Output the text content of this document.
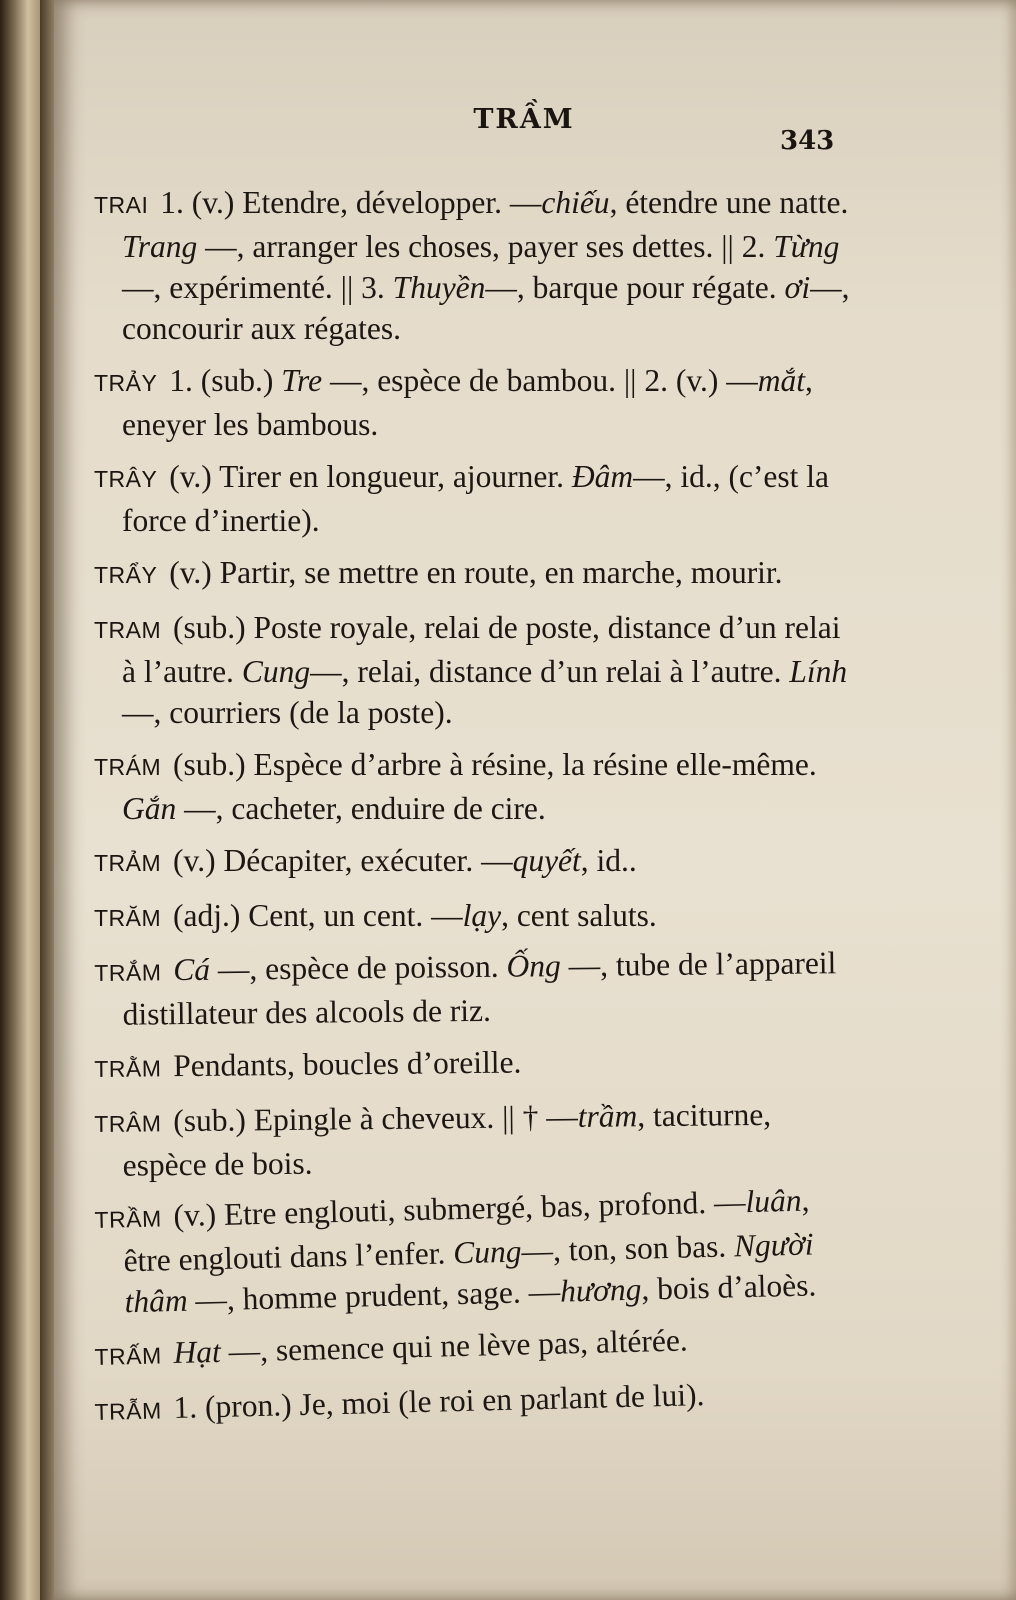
TRẦM
343
TRAI 1. (v.) Etendre, développer. —chiếu, étendre une natte. Trang —, arranger les choses, payer ses dettes. || 2. Từng —, expérimenté. || 3. Thuyền—, barque pour régate. ơi—, concourir aux régates.
TRẢY 1. (sub.) Tre —, espèce de bambou. || 2. (v.) —mắt, eneyer les bambous.
TRÂY (v.) Tirer en longueur, ajourner. Đâm—, id., (c’est la force d’inertie).
TRẨY (v.) Partir, se mettre en route, en marche, mourir.
TRAM (sub.) Poste royale, relai de poste, distance d’un relai à l’autre. Cung—, relai, distance d’un relai à l’autre. Lính —, courriers (de la poste).
TRÁM (sub.) Espèce d’arbre à résine, la résine elle-même. Gắn —, cacheter, enduire de cire.
TRẢM (v.) Décapiter, exécuter. —quyết, id..
TRĂM (adj.) Cent, un cent. —lạy, cent saluts.
TRẮM Cá —, espèce de poisson. Ống —, tube de l’appareil distillateur des alcools de riz.
TRẰM Pendants, boucles d’oreille.
TRÂM (sub.) Epingle à cheveux. || † —trầm, taciturne, espèce de bois.
TRẦM (v.) Etre englouti, submergé, bas, profond. —luân, être englouti dans l’enfer. Cung—, ton, son bas. Người thâm —, homme prudent, sage. —hương, bois d’aloès.
TRẤM Hạt —, semence qui ne lève pas, altérée.
TRẪM 1. (pron.) Je, moi (le roi en parlant de lui).
